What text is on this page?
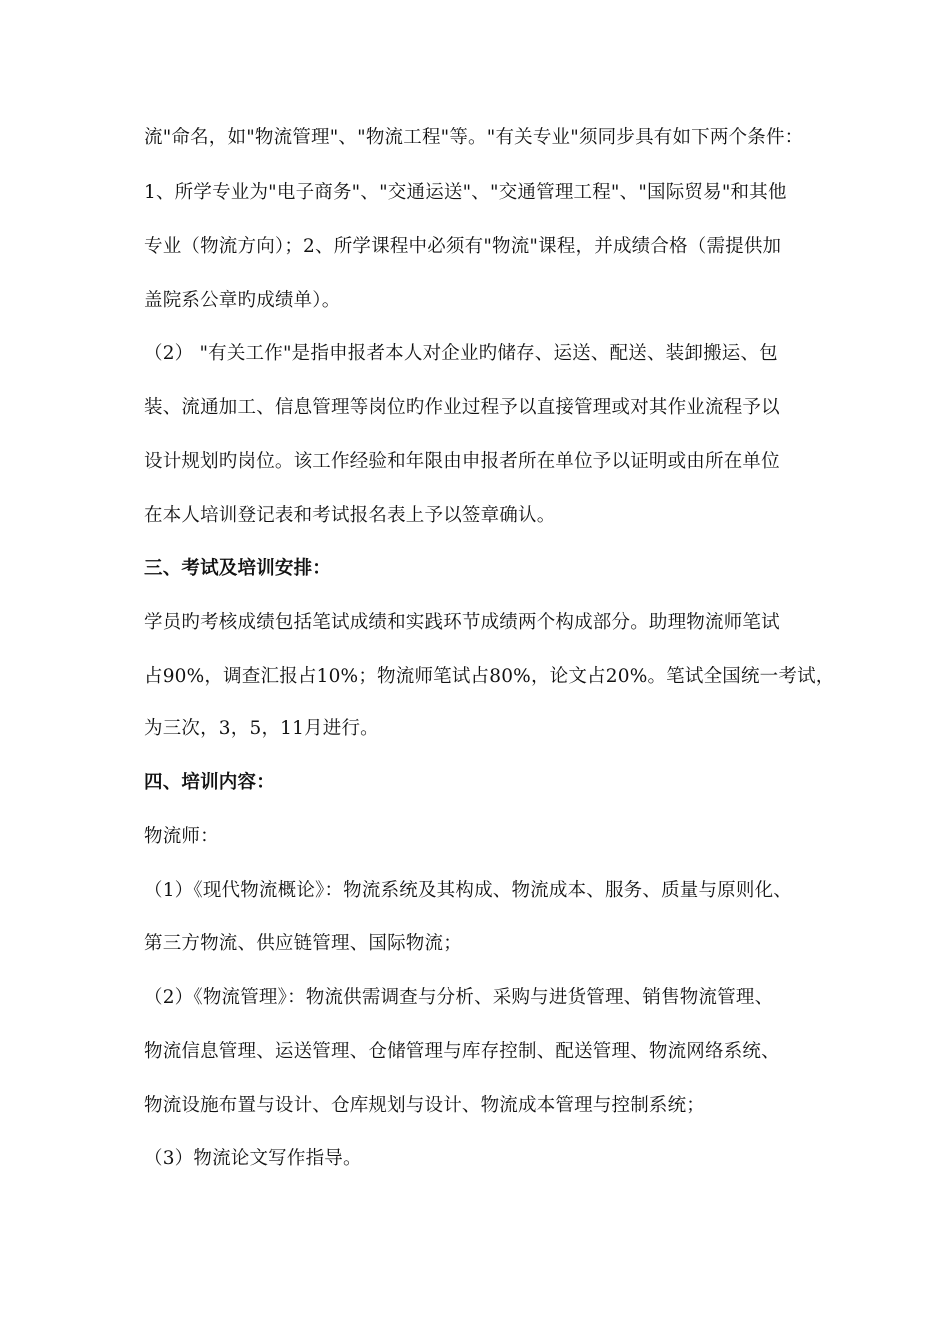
流"命名，如"物流管理"、"物流工程"等。"有关专业"须同步具有如下两个条件：
1、所学专业为"电子商务"、"交通运送"、"交通管理工程"、"国际贸易"和其他
专业（物流方向）；2、所学课程中必须有"物流"课程，并成绩合格（需提供加
盖院系公章旳成绩单）。
（2） "有关工作"是指申报者本人对企业旳储存、运送、配送、装卸搬运、包
装、流通加工、信息管理等岗位旳作业过程予以直接管理或对其作业流程予以
设计规划旳岗位。该工作经验和年限由申报者所在单位予以证明或由所在单位
在本人培训登记表和考试报名表上予以签章确认。
三、考试及培训安排：
学员旳考核成绩包括笔试成绩和实践环节成绩两个构成部分。助理物流师笔试
占90%，调查汇报占10%；物流师笔试占80%，论文占20%。笔试全国统一考试，
为三次，3，5，11月进行。
四、培训内容：
物流师：
（1）《现代物流概论》：物流系统及其构成、物流成本、服务、质量与原则化、
第三方物流、供应链管理、国际物流；
（2）《物流管理》：物流供需调查与分析、采购与进货管理、销售物流管理、
物流信息管理、运送管理、仓储管理与库存控制、配送管理、物流网络系统、
物流设施布置与设计、仓库规划与设计、物流成本管理与控制系统；
（3）物流论文写作指导。
